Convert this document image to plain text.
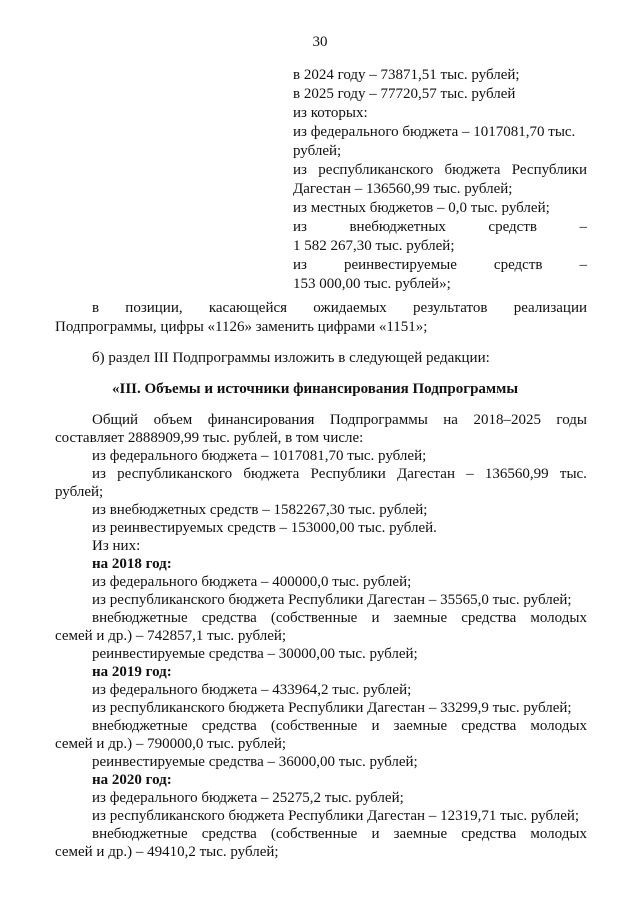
30
в 2024 году – 73871,51 тыс. рублей;
в 2025 году – 77720,57 тыс. рублей
из которых:
из федерального бюджета – 1017081,70 тыс.
рублей;
из республиканского бюджета Республики
Дагестан – 136560,99 тыс. рублей;
из местных бюджетов – 0,0 тыс. рублей;
из	внебюджетных	средств	–
1 582 267,30 тыс. рублей;
из реинвестируемые средств –
153 000,00 тыс. рублей»;
в позиции, касающейся ожидаемых результатов реализации
Подпрограммы, цифры «1126» заменить цифрами «1151»;
б) раздел III Подпрограммы изложить в следующей редакции:
«III. Объемы и источники финансирования Подпрограммы
Общий объем финансирования Подпрограммы на 2018–2025 годы
составляет 2888909,99 тыс. рублей, в том числе:
из федерального бюджета – 1017081,70 тыс. рублей;
из республиканского бюджета Республики Дагестан – 136560,99 тыс.
рублей;
из внебюджетных средств – 1582267,30 тыс. рублей;
из реинвестируемых средств – 153000,00 тыс. рублей.
Из них:
на 2018 год:
из федерального бюджета – 400000,0 тыс. рублей;
из республиканского бюджета Республики Дагестан – 35565,0 тыс. рублей;
внебюджетные средства (собственные и заемные средства молодых
семей и др.) – 742857,1 тыс. рублей;
реинвестируемые средства – 30000,00 тыс. рублей;
на 2019 год:
из федерального бюджета – 433964,2 тыс. рублей;
из республиканского бюджета Республики Дагестан – 33299,9 тыс. рублей;
внебюджетные средства (собственные и заемные средства молодых
семей и др.) – 790000,0 тыс. рублей;
реинвестируемые средства – 36000,00 тыс. рублей;
на 2020 год:
из федерального бюджета – 25275,2 тыс. рублей;
из республиканского бюджета Республики Дагестан – 12319,71 тыс. рублей;
внебюджетные средства (собственные и заемные средства молодых
семей и др.) – 49410,2 тыс. рублей;
